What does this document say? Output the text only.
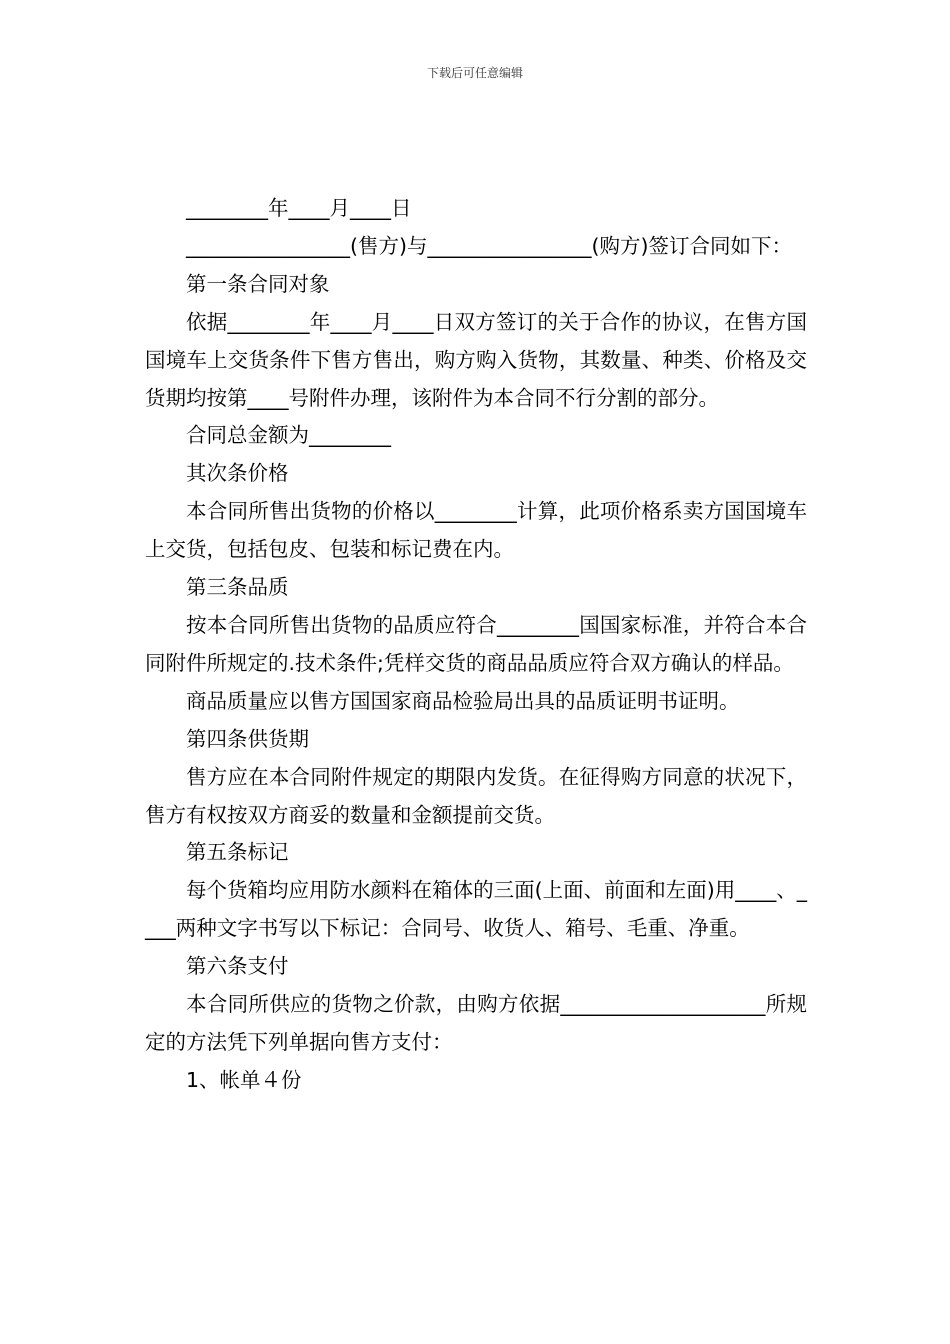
下载后可任意编辑

________年____月____日

________________(售方)与________________(购方)签订合同如下：

第一条合同对象

依据________年____月____日双方签订的关于合作的协议，在售方国国境车上交货条件下售方售出，购方购入货物，其数量、种类、价格及交货期均按第____号附件办理，该附件为本合同不行分割的部分。

合同总金额为________

其次条价格

本合同所售出货物的价格以________计算，此项价格系卖方国国境车上交货，包括包皮、包装和标记费在内。

第三条品质

按本合同所售出货物的品质应符合________国国家标准，并符合本合同附件所规定的.技术条件;凭样交货的商品品质应符合双方确认的样品。

商品质量应以售方国国家商品检验局出具的品质证明书证明。

第四条供货期

售方应在本合同附件规定的期限内发货。在征得购方同意的状况下，售方有权按双方商妥的数量和金额提前交货。

第五条标记

每个货箱均应用防水颜料在箱体的三面(上面、前面和左面)用____、____两种文字书写以下标记：合同号、收货人、箱号、毛重、净重。

第六条支付

本合同所供应的货物之价款，由购方依据____________________所规定的方法凭下列单据向售方支付：

1、帐单４份
